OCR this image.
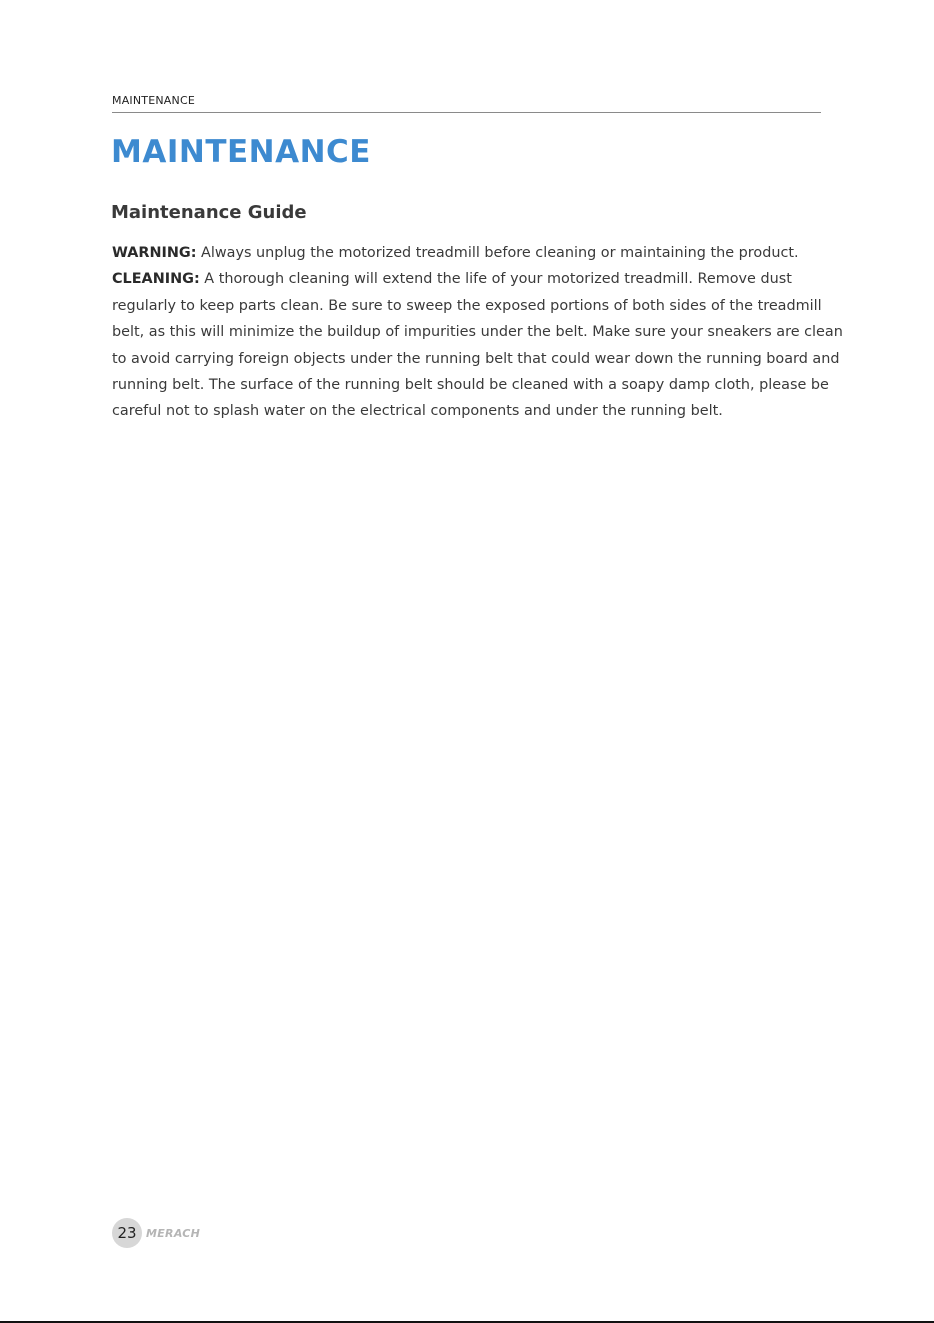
MAINTENANCE
MAINTENANCE
Maintenance Guide

WARNING: Always unplug the motorized treadmill before cleaning or maintaining the product.

CLEANING: A thorough cleaning will extend the life of your motorized treadmill. Remove dust regularly to keep parts clean. Be sure to sweep the exposed portions of both sides of the treadmill belt, as this will minimize the buildup of impurities under the belt. Make sure your sneakers are clean to avoid carrying foreign objects under the running belt that could wear down the running board and running belt. The surface of the running belt should be cleaned with a soapy damp cloth, please be careful not to splash water on the electrical components and under the running belt.

23 MERACH
